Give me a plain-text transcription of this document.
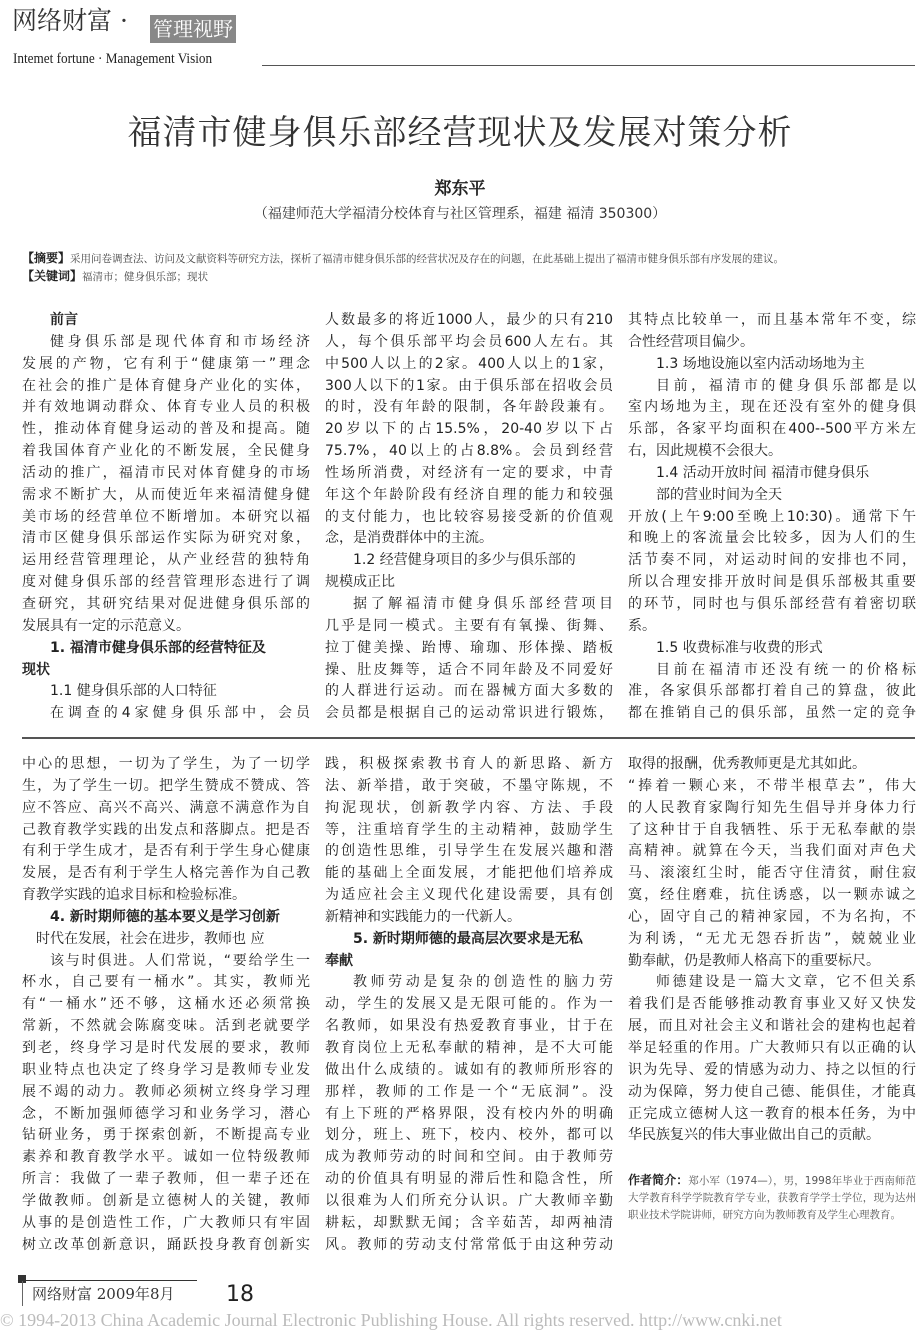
网络财富 · 管理视野
Intemet fortune · Management Vision
福清市健身俱乐部经营现状及发展对策分析
郑东平
（福建师范大学福清分校体育与社区管理系，福建 福清 350300）
【摘要】采用问卷调查法、访问及文献资料等研究方法，探析了福清市健身俱乐部的经营状况及存在的问题，在此基础上提出了福清市健身俱乐部有序发展的建议。
【关键词】福清市；健身俱乐部；现状
前言
健身俱乐部是现代体育和市场经济
发展的产物，它有利于“健康第一”理念
在社会的推广是体育健身产业化的实体，
并有效地调动群众、体育专业人员的积极
性，推动体育健身运动的普及和提高。随
着我国体育产业化的不断发展，全民健身
活动的推广，福清市民对体育健身的市场
需求不断扩大，从而使近年来福清健身健
美市场的经营单位不断增加。本研究以福
清市区健身俱乐部运作实际为研究对象，
运用经营管理理论，从产业经营的独特角
度对健身俱乐部的经营管理形态进行了调
查研究，其研究结果对促进健身俱乐部的
发展具有一定的示范意义。
1. 福清市健身俱乐部的经营特征及
现状
1.1 健身俱乐部的人口特征
在调查的4家健身俱乐部中，会员
人数最多的将近1000人，最少的只有210
人，每个俱乐部平均会员600人左右。其
中500人以上的2家。400人以上的1家，
300人以下的1家。由于俱乐部在招收会员
的时，没有年龄的限制，各年龄段兼有。
20岁以下的占15.5%，20-40岁以下占
75.7%，40以上的占8.8%。会员到经营
性场所消费，对经济有一定的要求，中青
年这个年龄阶段有经济自理的能力和较强
的支付能力，也比较容易接受新的价值观
念，是消费群体中的主流。
1.2 经营健身项目的多少与俱乐部的
规模成正比
据了解福清市健身俱乐部经营项目
几乎是同一模式。主要有有氧操、街舞、
拉丁健美操、跆博、瑜珈、形体操、踏板
操、肚皮舞等，适合不同年龄及不同爱好
的人群进行运动。而在器械方面大多数的
会员都是根据自己的运动常识进行锻炼，
其特点比较单一，而且基本常年不变，综
合性经营项目偏少。
1.3 场地设施以室内活动场地为主
目前，福清市的健身俱乐部都是以
室内场地为主，现在还没有室外的健身俱
乐部，各家平均面积在400--500平方米左
右，因此规模不会很大。
1.4 活动开放时间 福清市健身俱乐
部的营业时间为全天
开放(上午9:00至晚上10:30)。通常下午
和晚上的客流量会比较多，因为人们的生
活节奏不同，对运动时间的安排也不同，
所以合理安排开放时间是俱乐部极其重要
的环节，同时也与俱乐部经营有着密切联
系。
1.5 收费标准与收费的形式
目前在福清市还没有统一的价格标
准，各家俱乐部都打着自己的算盘，彼此
都在推销自己的俱乐部，虽然一定的竞争
中心的思想，一切为了学生，为了一切学
生，为了学生一切。把学生赞成不赞成、答
应不答应、高兴不高兴、满意不满意作为自
己教育教学实践的出发点和落脚点。把是否
有利于学生成才，是否有利于学生身心健康
发展，是否有利于学生人格完善作为自己教
育教学实践的追求目标和检验标准。
4. 新时期师德的基本要义是学习创新
时代在发展，社会在进步，教师也 应
该与时俱进。人们常说，“要给学生一
杯水，自己要有一桶水”。其实，教师光
有“一桶水”还不够，这桶水还必须常换
常新，不然就会陈腐变味。活到老就要学
到老，终身学习是时代发展的要求，教师
职业特点也决定了终身学习是教师专业发
展不竭的动力。教师必须树立终身学习理
念，不断加强师德学习和业务学习，潜心
钻研业务，勇于探索创新，不断提高专业
素养和教育教学水平。诚如一位特级教师
所言：我做了一辈子教师，但一辈子还在
学做教师。创新是立德树人的关键，教师
从事的是创造性工作，广大教师只有牢固
树立改革创新意识，踊跃投身教育创新实
践，积极探索教书育人的新思路、新方
法、新举措，敢于突破，不墨守陈规，不
拘泥现状，创新教学内容、方法、手段
等，注重培育学生的主动精神，鼓励学生
的创造性思维，引导学生在发展兴趣和潜
能的基础上全面发展，才能把他们培养成
为适应社会主义现代化建设需要，具有创
新精神和实践能力的一代新人。
5. 新时期师德的最高层次要求是无私
奉献
教师劳动是复杂的创造性的脑力劳
动，学生的发展又是无限可能的。作为一
名教师，如果没有热爱教育事业，甘于在
教育岗位上无私奉献的精神，是不大可能
做出什么成绩的。诚如有的教师所形容的
那样，教师的工作是一个“无底洞”。没
有上下班的严格界限，没有校内外的明确
划分，班上、班下，校内、校外，都可以
成为教师劳动的时间和空间。由于教师劳
动的价值具有明显的滞后性和隐含性，所
以很难为人们所充分认识。广大教师辛勤
耕耘，却默默无闻；含辛茹苦，却两袖清
风。教师的劳动支付常常低于由这种劳动
取得的报酬，优秀教师更是尤其如此。
“捧着一颗心来，不带半根草去”，伟大
的人民教育家陶行知先生倡导并身体力行
了这种甘于自我牺牲、乐于无私奉献的崇
高精神。就算在今天，当我们面对声色犬
马、滚滚红尘时，能否守住清贫，耐住寂
寞，经住磨难，抗住诱惑，以一颗赤诚之
心，固守自己的精神家园，不为名拘，不
为利诱，“无尤无怨吞折齿”，兢兢业业
勤奉献，仍是教师人格高下的重要标尺。
师德建设是一篇大文章，它不但关系
着我们是否能够推动教育事业又好又快发
展，而且对社会主义和谐社会的建构也起着
举足轻重的作用。广大教师只有以正确的认
识为先导、爱的情感为动力、持之以恒的行
动为保障，努力使自己德、能俱佳，才能真
正完成立德树人这一教育的根本任务，为中
华民族复兴的伟大事业做出自己的贡献。
作者简介：郑小军（1974—），男，1998年毕业于西南师范大学教育科学学院教育学专业，获教育学学士学位，现为达州职业技术学院讲师，研究方向为教师教育及学生心理教育。
网络财富 2009年8月 18
© 1994-2013 China Academic Journal Electronic Publishing House. All rights reserved. http://www.cnki.net
